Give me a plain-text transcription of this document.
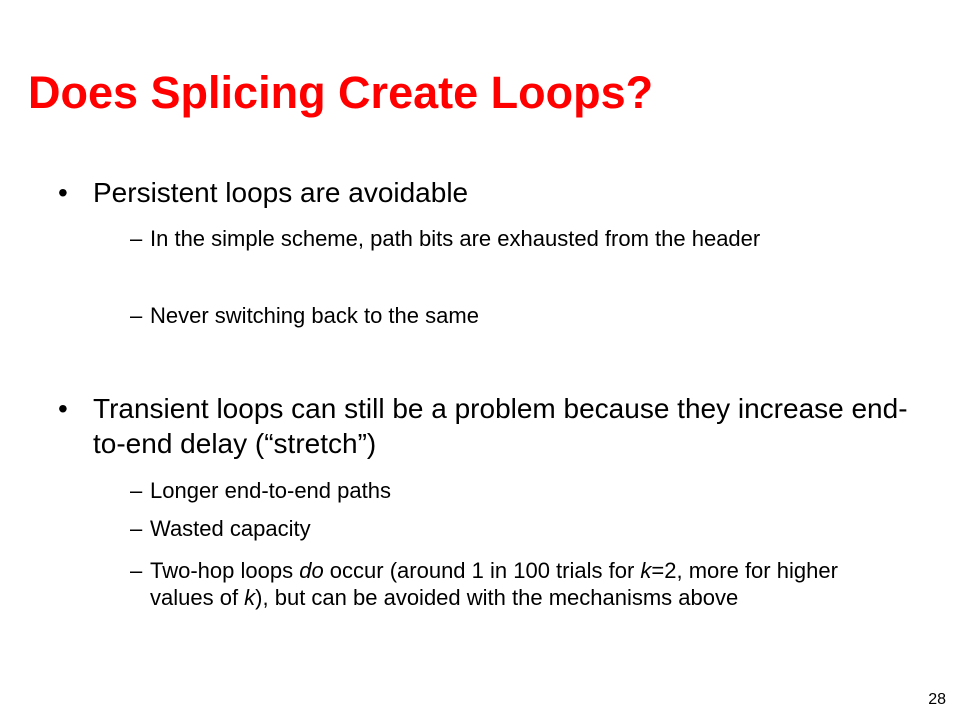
Does Splicing Create Loops?
• Persistent loops are avoidable
– In the simple scheme, path bits are exhausted from the header
– Never switching back to the same
• Transient loops can still be a problem because they increase end-to-end delay (“stretch”)
– Longer end-to-end paths
– Wasted capacity
– Two-hop loops do occur (around 1 in 100 trials for k=2, more for higher values of k), but can be avoided with the mechanisms above
28
